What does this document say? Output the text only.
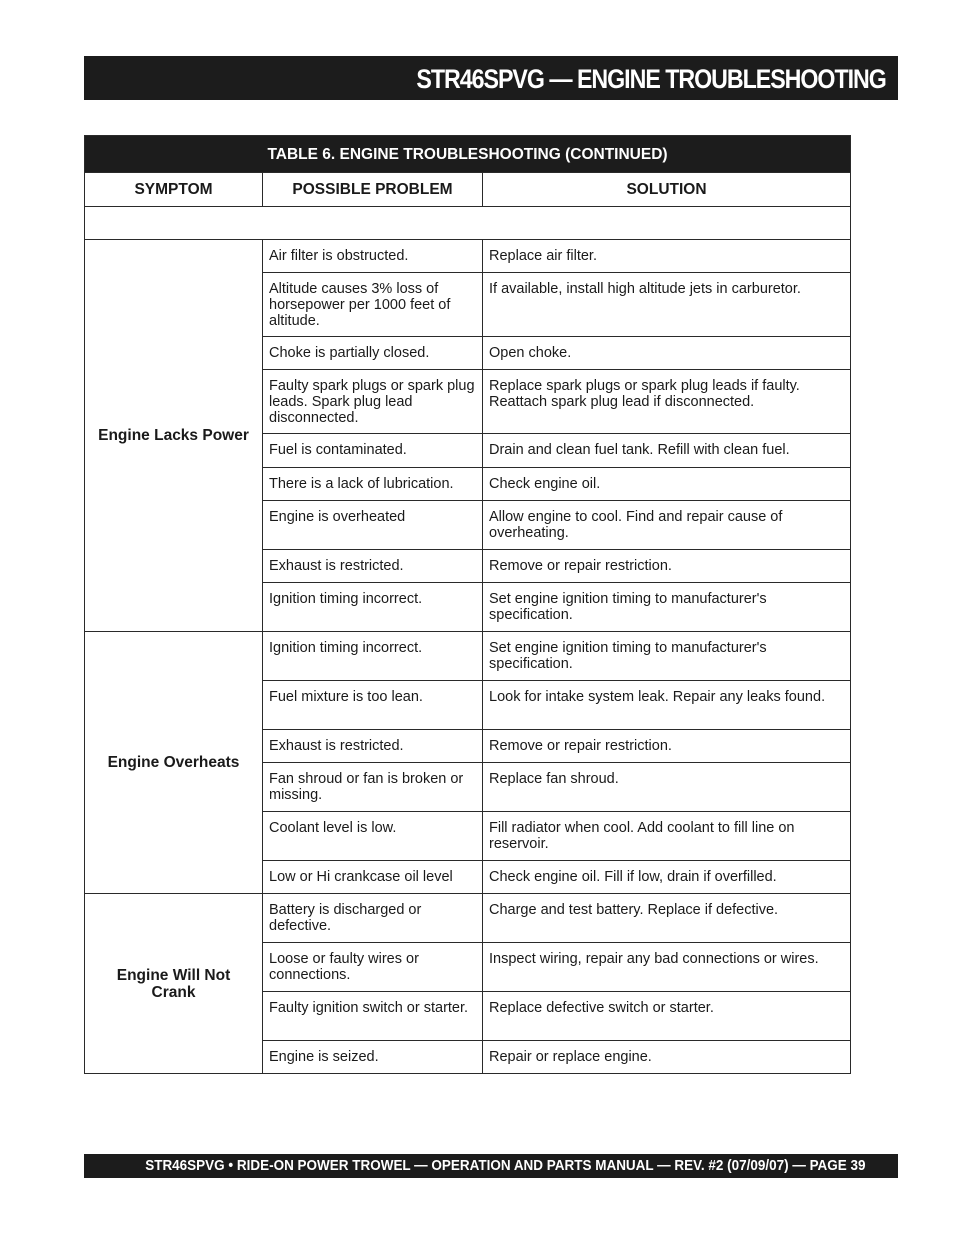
STR46SPVG — ENGINE TROUBLESHOOTING
TABLE 6. ENGINE TROUBLESHOOTING (CONTINUED)		
SYMPTOM	POSSIBLE PROBLEM	SOLUTION

Engine Lacks Power	Air filter is obstructed.	Replace air filter.
	Altitude causes 3% loss of horsepower per 1000 feet of altitude.	If available, install high altitude jets in carburetor.
	Choke is partially closed.	Open choke.
	Faulty spark plugs or spark plug leads. Spark plug lead disconnected.	Replace spark plugs or spark plug leads if faulty. Reattach spark plug lead if disconnected.
	Fuel is contaminated.	Drain and clean fuel tank. Refill with clean fuel.
	There is a lack of lubrication.	Check engine oil.
	Engine is overheated	Allow engine to cool. Find and repair cause of overheating.
	Exhaust is restricted.	Remove or repair restriction.
	Ignition timing incorrect.	Set engine ignition timing to manufacturer's specification.
Engine Overheats	Ignition timing incorrect.	Set engine ignition timing to manufacturer's specification.
	Fuel mixture is too lean.	Look for intake system leak. Repair any leaks found.
	Exhaust is restricted.	Remove or repair restriction.
	Fan shroud or fan is broken or missing.	Replace fan shroud.
	Coolant level is low.	Fill radiator when cool. Add coolant to fill line on reservoir.
	Low or Hi crankcase oil level	Check engine oil. Fill if low, drain if overfilled.
Engine Will Not Crank	Battery is discharged or defective.	Charge and test battery. Replace if defective.
	Loose or faulty wires or connections.	Inspect wiring, repair any bad connections or wires.
	Faulty ignition switch or starter.	Replace defective switch or starter.
	Engine is seized.	Repair or replace engine.
STR46SPVG • RIDE-ON POWER TROWEL — OPERATION AND PARTS MANUAL — REV. #2 (07/09/07) — PAGE 39
